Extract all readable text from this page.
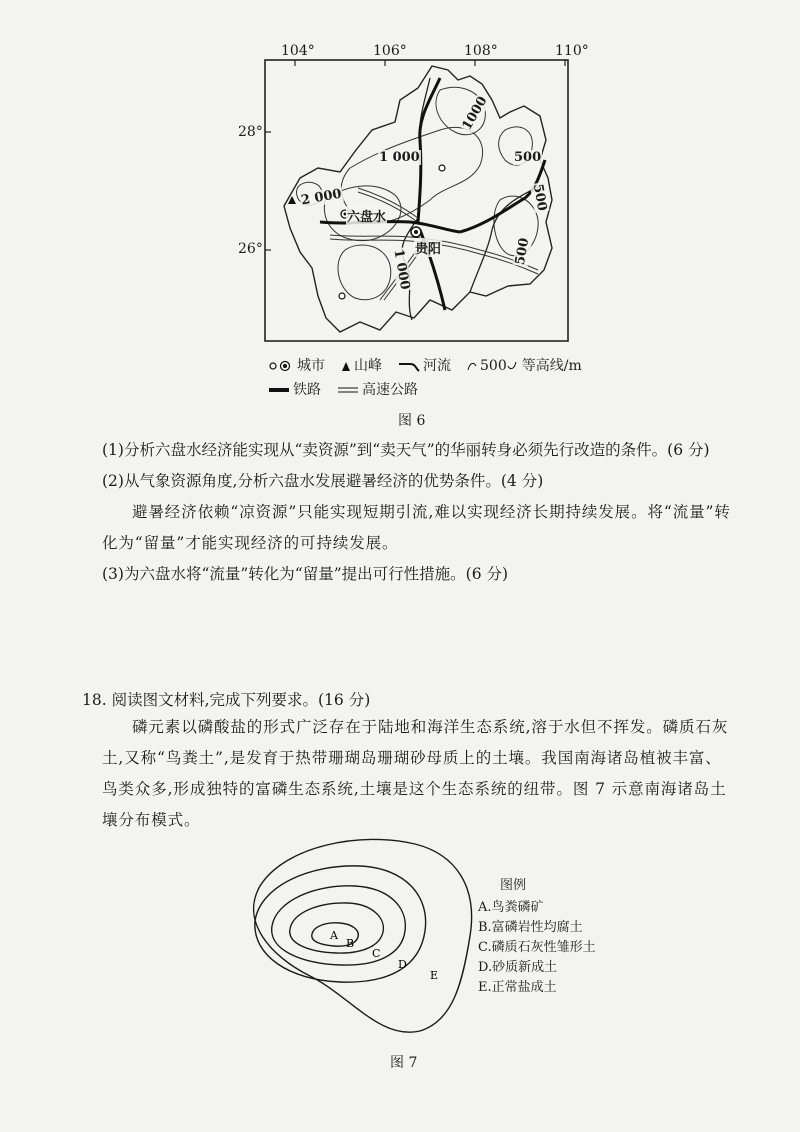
104°	106°	108°	110°
28°
26°
六盘水
贵阳
1 000
1000
500
500
500
1 000
2 000
城市 山峰	河流 500 等高线/m
铁路	高速公路
图 6

(1)分析六盘水经济能实现从“卖资源”到“卖天气”的华丽转身必须先行改造的条件。(6 分)

(2)从气象资源角度,分析六盘水发展避暑经济的优势条件。(4 分)

避暑经济依赖“凉资源”只能实现短期引流,难以实现经济长期持续发展。将“流量”转化为“留量”才能实现经济的可持续发展。

(3)为六盘水将“流量”转化为“留量”提出可行性措施。(6 分)

18. 阅读图文材料,完成下列要求。(16 分)

磷元素以磷酸盐的形式广泛存在于陆地和海洋生态系统,溶于水但不挥发。磷质石灰土,又称“鸟粪土”,是发育于热带珊瑚岛珊瑚砂母质上的土壤。我国南海诸岛植被丰富、鸟类众多,形成独特的富磷生态系统,土壤是这个生态系统的纽带。图 7 示意南海诸岛土壤分布模式。

A
B
C
D
E
图例
A.鸟粪磷矿
B.富磷岩性均腐土
C.磷质石灰性雏形土
D.砂质新成土
E.正常盐成土
图 7
